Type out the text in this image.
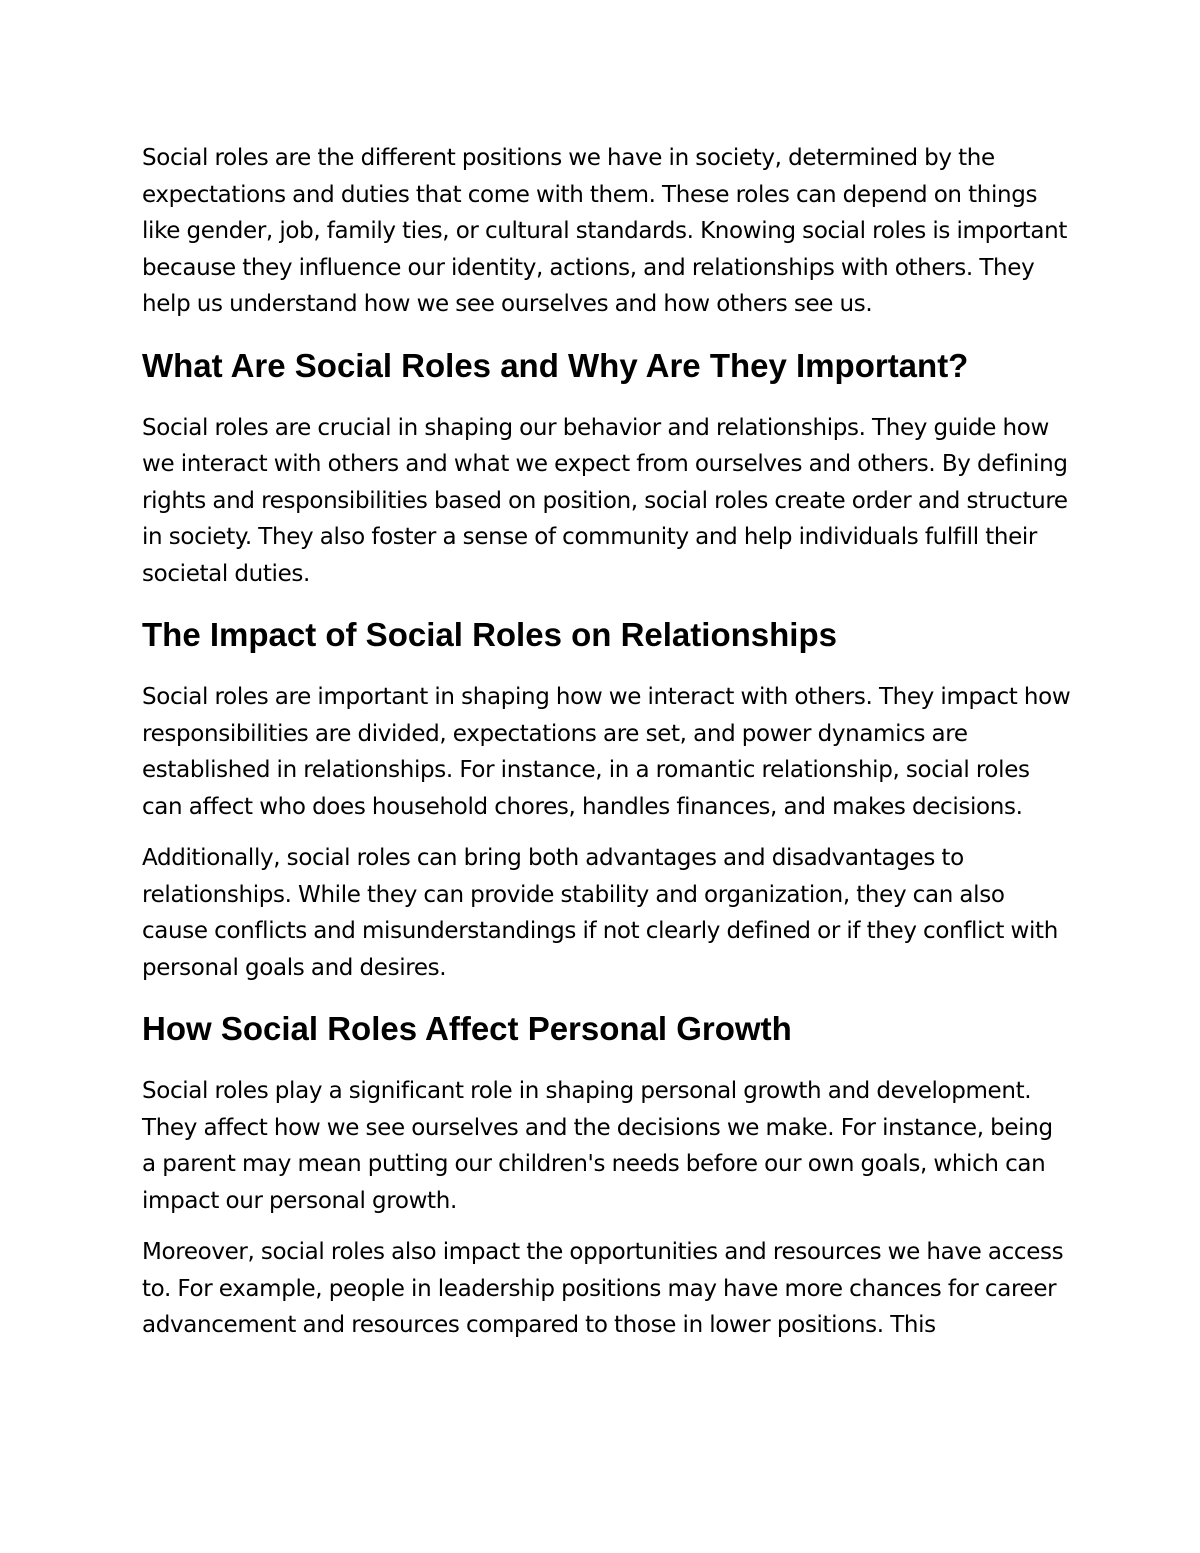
Social roles are the different positions we have in society, determined by the expectations and duties that come with them. These roles can depend on things like gender, job, family ties, or cultural standards. Knowing social roles is important because they influence our identity, actions, and relationships with others. They help us understand how we see ourselves and how others see us.

What Are Social Roles and Why Are They Important?

Social roles are crucial in shaping our behavior and relationships. They guide how we interact with others and what we expect from ourselves and others. By defining rights and responsibilities based on position, social roles create order and structure in society. They also foster a sense of community and help individuals fulfill their societal duties.

The Impact of Social Roles on Relationships

Social roles are important in shaping how we interact with others. They impact how responsibilities are divided, expectations are set, and power dynamics are established in relationships. For instance, in a romantic relationship, social roles can affect who does household chores, handles finances, and makes decisions.

Additionally, social roles can bring both advantages and disadvantages to relationships. While they can provide stability and organization, they can also cause conflicts and misunderstandings if not clearly defined or if they conflict with personal goals and desires.

How Social Roles Affect Personal Growth

Social roles play a significant role in shaping personal growth and development. They affect how we see ourselves and the decisions we make. For instance, being a parent may mean putting our children's needs before our own goals, which can impact our personal growth.

Moreover, social roles also impact the opportunities and resources we have access to. For example, people in leadership positions may have more chances for career advancement and resources compared to those in lower positions. This
